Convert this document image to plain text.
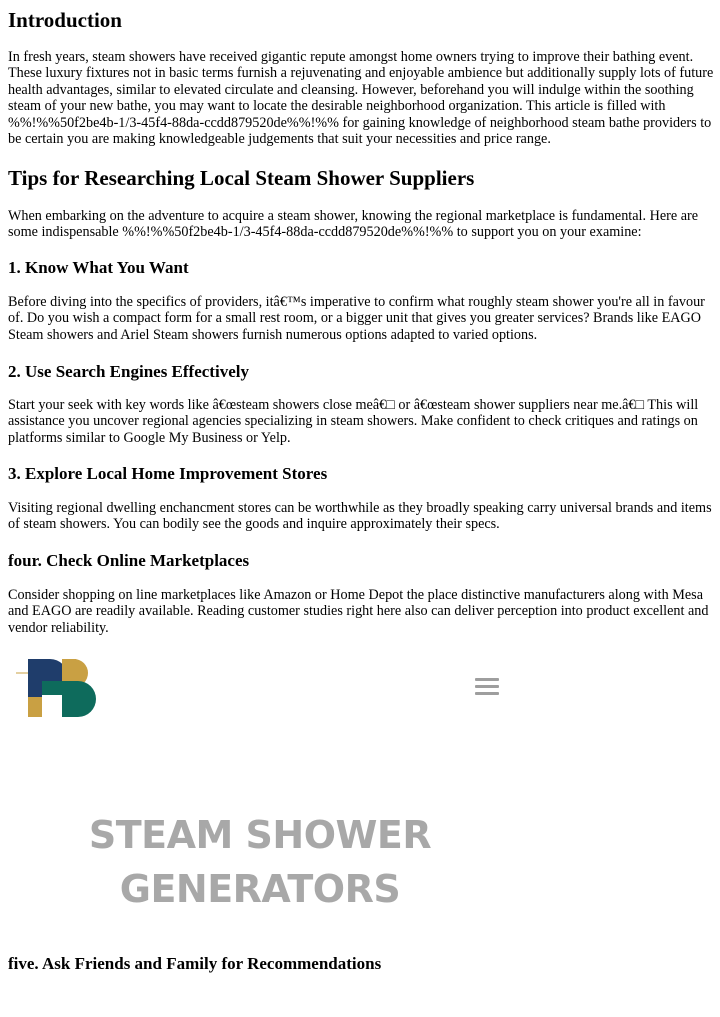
Introduction

In fresh years, steam showers have received gigantic repute amongst home owners trying to improve their bathing event. These luxury fixtures not in basic terms furnish a rejuvenating and enjoyable ambience but additionally supply lots of future health advantages, similar to elevated circulate and cleansing. However, beforehand you will indulge within the soothing steam of your new bathe, you may want to locate the desirable neighborhood organization. This article is filled with %%!%%50f2be4b-1/3-45f4-88da-ccdd879520de%%!%% for gaining knowledge of neighborhood steam bathe providers to be certain you are making knowledgeable judgements that suit your necessities and price range.

Tips for Researching Local Steam Shower Suppliers

When embarking on the adventure to acquire a steam shower, knowing the regional marketplace is fundamental. Here are some indispensable %%!%%50f2be4b-1/3-45f4-88da-ccdd879520de%%!%% to support you on your examine:

1. Know What You Want

Before diving into the specifics of providers, itâ€™s imperative to confirm what roughly steam shower you're all in favour of. Do you wish a compact form for a small rest room, or a bigger unit that gives you greater services? Brands like EAGO Steam showers and Ariel Steam showers furnish numerous options adapted to varied options.

2. Use Search Engines Effectively

Start your seek with key words like â€œsteam showers close meâ€□ or â€œsteam shower suppliers near me.â€□ This will assistance you uncover regional agencies specializing in steam showers. Make confident to check critiques and ratings on platforms similar to Google My Business or Yelp.

3. Explore Local Home Improvement Stores

Visiting regional dwelling enchancment stores can be worthwhile as they broadly speaking carry universal brands and items of steam showers. You can bodily see the goods and inquire approximately their specs.

four. Check Online Marketplaces

Consider shopping on line marketplaces like Amazon or Home Depot the place distinctive manufacturers along with Mesa and EAGO are readily available. Reading customer studies right here also can deliver perception into product excellent and vendor reliability.

five. Ask Friends and Family for Recommendations
STEAM SHOWER
GENERATORS
